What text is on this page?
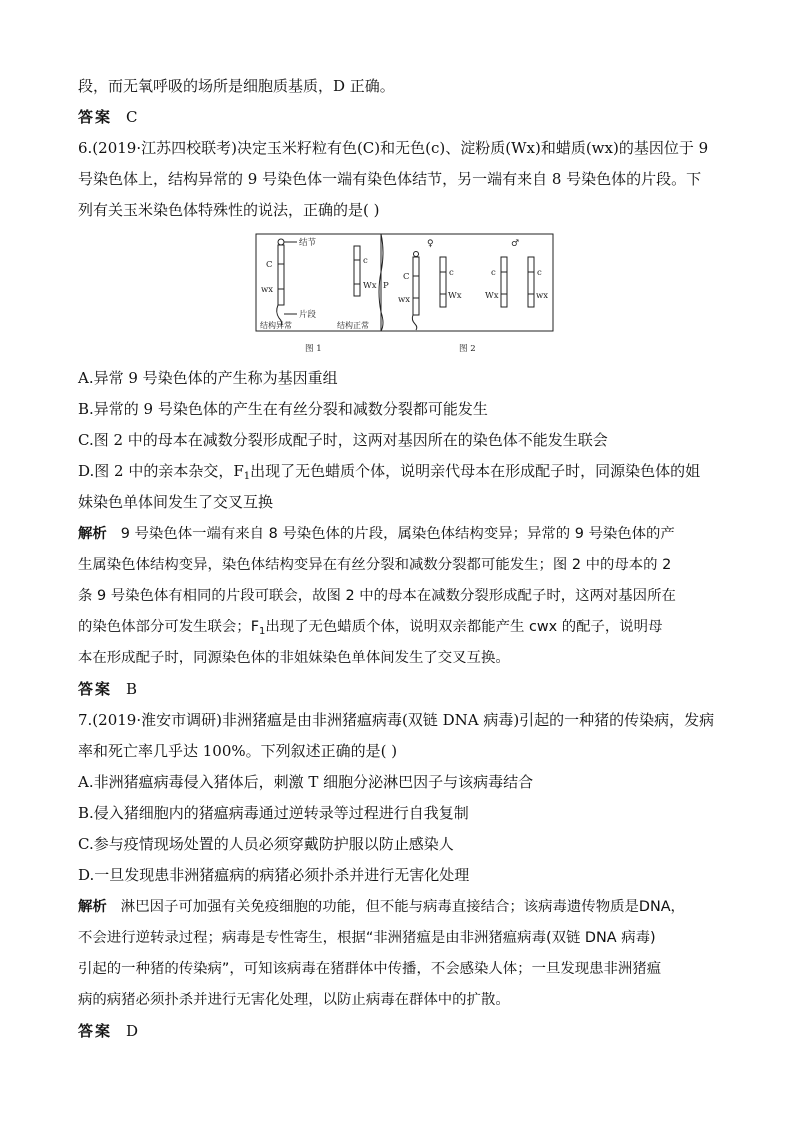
段，而无氧呼吸的场所是细胞质基质，D 正确。
答案 C
6.(2019·江苏四校联考)决定玉米籽粒有色(C)和无色(c)、淀粉质(Wx)和蜡质(wx)的基因位于 9
号染色体上，结构异常的 9 号染色体一端有染色体结节，另一端有来自 8 号染色体的片段。下
列有关玉米染色体特殊性的说法，正确的是( )
结节
片段
C
wx
c
Wx
结构异常	结构正常
P
♀	♂
C
wx
c
Wx
c
Wx
c
wx
图 1	图 2
A.异常 9 号染色体的产生称为基因重组
B.异常的 9 号染色体的产生在有丝分裂和减数分裂都可能发生
C.图 2 中的母本在减数分裂形成配子时，这两对基因所在的染色体不能发生联会
D.图 2 中的亲本杂交，$F_1$出现了无色蜡质个体，说明亲代母本在形成配子时，同源染色体的姐
妹染色单体间发生了交叉互换
解析 9 号染色体一端有来自 8 号染色体的片段，属染色体结构变异；异常的 9 号染色体的产
生属染色体结构变异，染色体结构变异在有丝分裂和减数分裂都可能发生；图 2 中的母本的 2
条 9 号染色体有相同的片段可联会，故图 2 中的母本在减数分裂形成配子时，这两对基因所在
的染色体部分可发生联会；$F_1$出现了无色蜡质个体，说明双亲都能产生 cwx 的配子，说明母
本在形成配子时，同源染色体的非姐妹染色单体间发生了交叉互换。
答案 B
7.(2019·淮安市调研)非洲猪瘟是由非洲猪瘟病毒(双链 DNA 病毒)引起的一种猪的传染病，发病
率和死亡率几乎达 100%。下列叙述正确的是( )
A.非洲猪瘟病毒侵入猪体后，刺激 T 细胞分泌淋巴因子与该病毒结合
B.侵入猪细胞内的猪瘟病毒通过逆转录等过程进行自我复制
C.参与疫情现场处置的人员必须穿戴防护服以防止感染人
D.一旦发现患非洲猪瘟病的病猪必须扑杀并进行无害化处理
解析 淋巴因子可加强有关免疫细胞的功能，但不能与病毒直接结合；该病毒遗传物质是DNA，
不会进行逆转录过程；病毒是专性寄生，根据“非洲猪瘟是由非洲猪瘟病毒(双链 DNA 病毒)
引起的一种猪的传染病”，可知该病毒在猪群体中传播，不会感染人体；一旦发现患非洲猪瘟
病的病猪必须扑杀并进行无害化处理，以防止病毒在群体中的扩散。
答案 D
